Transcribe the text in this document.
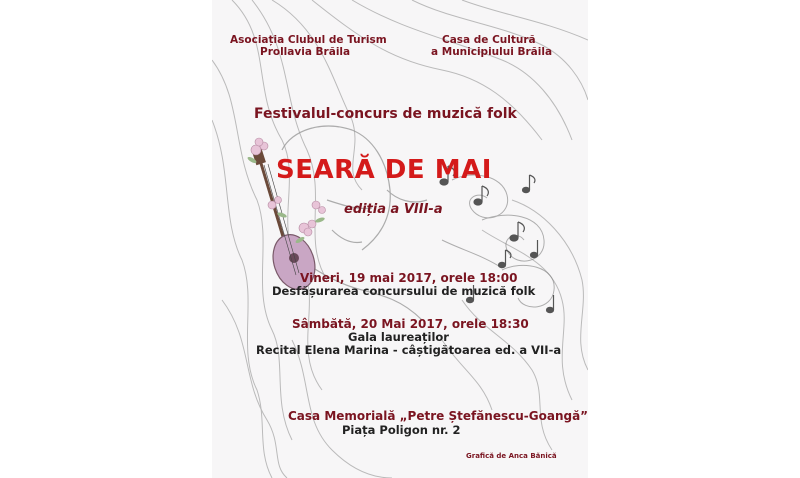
Asociația Clubul de Turism
Prollavia Brăila
Casa de Cultură
a Municipiului Brăila
Festivalul-concurs de muzică folk
SEARĂ DE MAI
ediția a VIII-a
Vineri, 19 mai 2017, orele 18:00
Desfășurarea concursului de muzică folk
Sâmbătă, 20 Mai 2017, orele 18:30
Gala laureaților
Recital Elena Marina - câștigătoarea ed. a VII-a
Casa Memorială „Petre Ștefănescu-Goangă”
Piața Poligon nr. 2
Grafică de Anca Bănică
